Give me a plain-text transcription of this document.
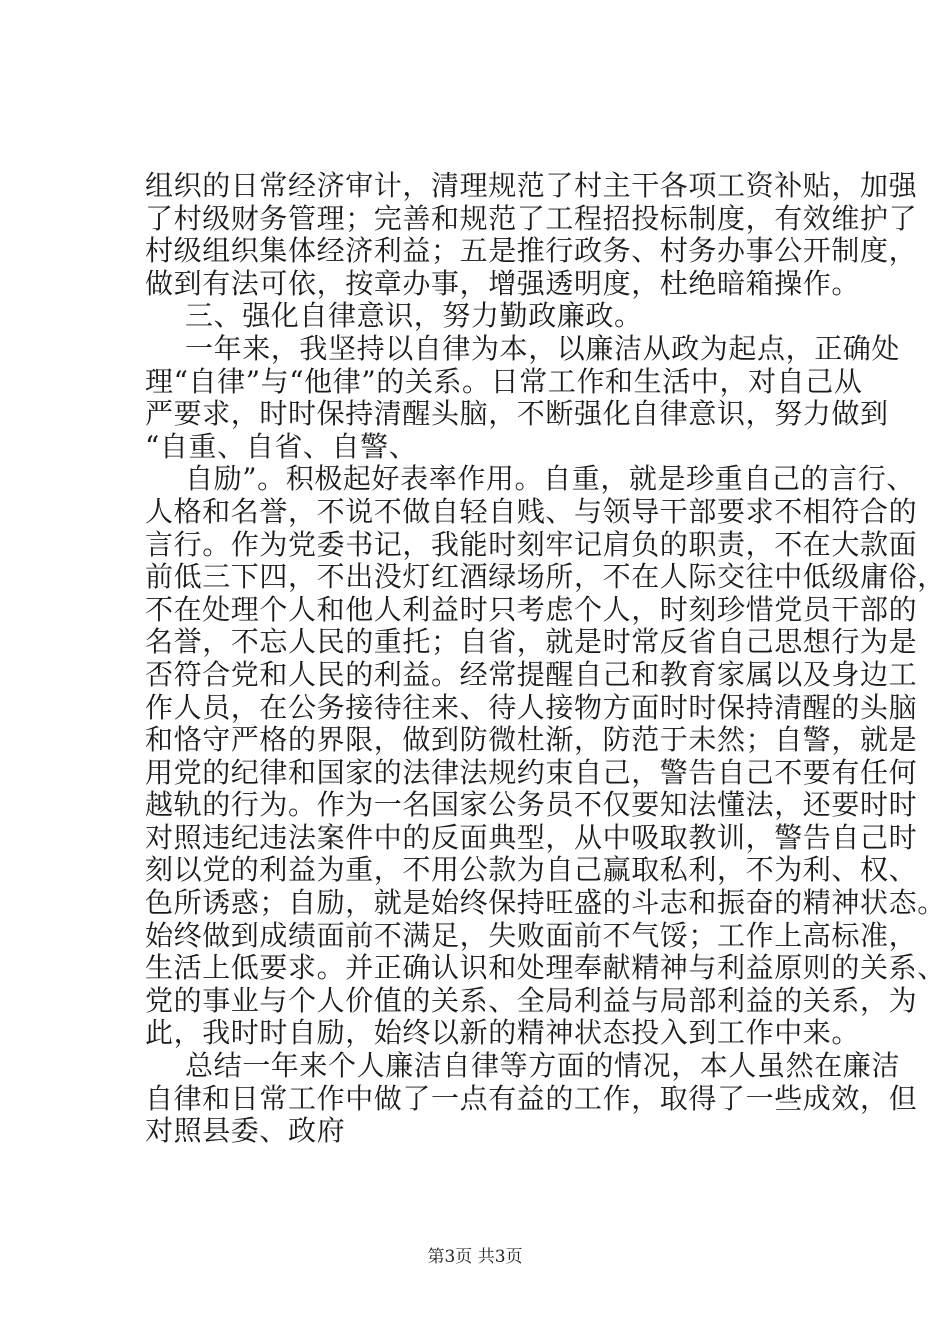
组织的日常经济审计，清理规范了村主干各项工资补贴，加强
了村级财务管理；完善和规范了工程招投标制度，有效维护了
村级组织集体经济利益；五是推行政务、村务办事公开制度，
做到有法可依，按章办事，增强透明度，杜绝暗箱操作。
三、强化自律意识，努力勤政廉政。
一年来，我坚持以自律为本，以廉洁从政为起点，正确处
理“自律”与“他律”的关系。日常工作和生活中，对自己从
严要求，时时保持清醒头脑，不断强化自律意识，努力做到
“自重、自省、自警、
自励”。积极起好表率作用。自重，就是珍重自己的言行、
人格和名誉，不说不做自轻自贱、与领导干部要求不相符合的
言行。作为党委书记，我能时刻牢记肩负的职责，不在大款面
前低三下四，不出没灯红酒绿场所，不在人际交往中低级庸俗，
不在处理个人和他人利益时只考虑个人，时刻珍惜党员干部的
名誉，不忘人民的重托；自省，就是时常反省自己思想行为是
否符合党和人民的利益。经常提醒自己和教育家属以及身边工
作人员，在公务接待往来、待人接物方面时时保持清醒的头脑
和恪守严格的界限，做到防微杜渐，防范于未然；自警，就是
用党的纪律和国家的法律法规约束自己，警告自己不要有任何
越轨的行为。作为一名国家公务员不仅要知法懂法，还要时时
对照违纪违法案件中的反面典型，从中吸取教训，警告自己时
刻以党的利益为重，不用公款为自己赢取私利，不为利、权、
色所诱惑；自励，就是始终保持旺盛的斗志和振奋的精神状态。
始终做到成绩面前不满足，失败面前不气馁；工作上高标准，
生活上低要求。并正确认识和处理奉献精神与利益原则的关系、
党的事业与个人价值的关系、全局利益与局部利益的关系，为
此，我时时自励，始终以新的精神状态投入到工作中来。
总结一年来个人廉洁自律等方面的情况，本人虽然在廉洁
自律和日常工作中做了一点有益的工作，取得了一些成效，但
对照县委、政府
第3页 共3页
